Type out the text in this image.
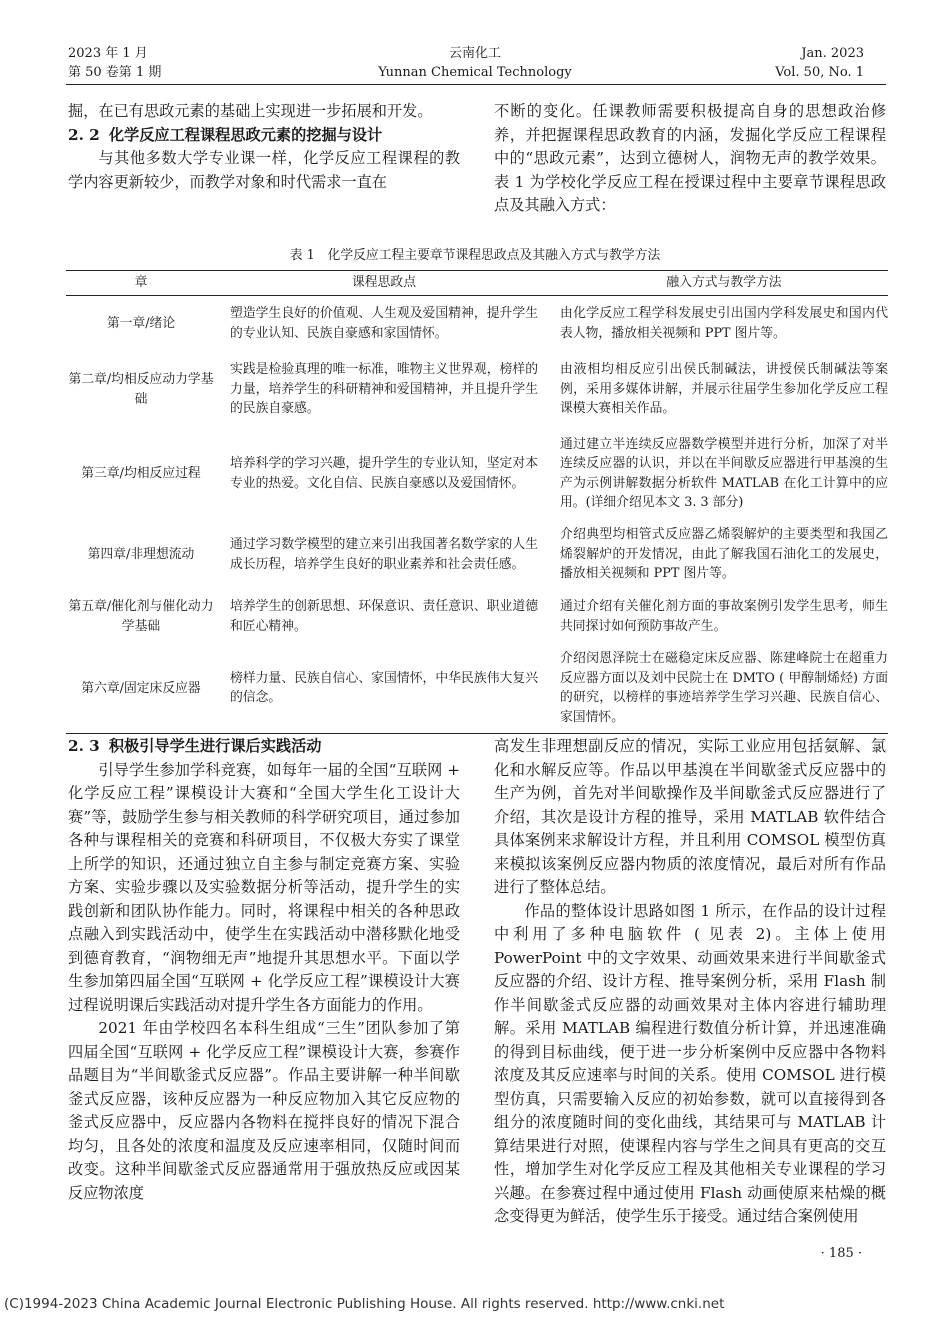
2023 年 1 月
第 50 卷第 1 期
云南化工
Yunnan Chemical Technology
Jan. 2023
Vol. 50, No. 1

掘，在已有思政元素的基础上实现进一步拓展和开发。

2. 2 化学反应工程课程思政元素的挖掘与设计

与其他多数大学专业课一样，化学反应工程课程的教学内容更新较少，而教学对象和时代需求一直在

不断的变化。任课教师需要积极提高自身的思想政治修养，并把握课程思政教育的内涵，发掘化学反应工程课程中的“思政元素”，达到立德树人，润物无声的教学效果。表 1 为学校化学反应工程在授课过程中主要章节课程思政点及其融入方式：

表 1　化学反应工程主要章节课程思政点及其融入方式与教学方法
章	课程思政点	融入方式与教学方法
第一章/绪论	塑造学生良好的价值观、人生观及爱国精神，提升学生的专业认知、民族自豪感和家国情怀。	由化学反应工程学科发展史引出国内学科发展史和国内代表人物，播放相关视频和 PPT 图片等。
第二章/均相反应动力学基础	实践是检验真理的唯一标准，唯物主义世界观，榜样的力量，培养学生的科研精神和爱国精神，并且提升学生的民族自豪感。	由液相均相反应引出侯氏制碱法，讲授侯氏制碱法等案例，采用多媒体讲解，并展示往届学生参加化学反应工程课模大赛相关作品。
第三章/均相反应过程	培养科学的学习兴趣，提升学生的专业认知，坚定对本专业的热爱。文化自信、民族自豪感以及爱国情怀。	通过建立半连续反应器数学模型并进行分析，加深了对半连续反应器的认识，并以在半间歇反应器进行甲基溴的生产为示例讲解数据分析软件 MATLAB 在化工计算中的应用。(详细介绍见本文 3. 3 部分)
第四章/非理想流动	通过学习数学模型的建立来引出我国著名数学家的人生成长历程，培养学生良好的职业素养和社会责任感。	介绍典型均相管式反应器乙烯裂解炉的主要类型和我国乙烯裂解炉的开发情况，由此了解我国石油化工的发展史，播放相关视频和 PPT 图片等。
第五章/催化剂与催化动力学基础	培养学生的创新思想、环保意识、责任意识、职业道德和匠心精神。	通过介绍有关催化剂方面的事故案例引发学生思考，师生共同探讨如何预防事故产生。
第六章/固定床反应器	榜样力量、民族自信心、家国情怀，中华民族伟大复兴的信念。	介绍闵恩泽院士在磁稳定床反应器、陈建峰院士在超重力反应器方面以及刘中民院士在 DMTO ( 甲醇制烯烃) 方面的研究，以榜样的事迹培养学生学习兴趣、民族自信心、家国情怀。

2. 3 积极引导学生进行课后实践活动

引导学生参加学科竞赛，如每年一届的全国“互联网 + 化学反应工程”课模设计大赛和“全国大学生化工设计大赛”等，鼓励学生参与相关教师的科学研究项目，通过参加各种与课程相关的竞赛和科研项目，不仅极大夯实了课堂上所学的知识，还通过独立自主参与制定竞赛方案、实验方案、实验步骤以及实验数据分析等活动，提升学生的实践创新和团队协作能力。同时，将课程中相关的各种思政点融入到实践活动中，使学生在实践活动中潜移默化地受到德育教育，“润物细无声”地提升其思想水平。下面以学生参加第四届全国“互联网 + 化学反应工程”课模设计大赛过程说明课后实践活动对提升学生各方面能力的作用。

2021 年由学校四名本科生组成“三生”团队参加了第四届全国“互联网 + 化学反应工程”课模设计大赛，参赛作品题目为“半间歇釜式反应器”。作品主要讲解一种半间歇釜式反应器，该种反应器为一种反应物加入其它反应物的釜式反应器中，反应器内各物料在搅拌良好的情况下混合均匀，且各处的浓度和温度及反应速率相同，仅随时间而改变。这种半间歇釜式反应器通常用于强放热反应或因某反应物浓度

高发生非理想副反应的情况，实际工业应用包括氨解、氯化和水解反应等。作品以甲基溴在半间歇釜式反应器中的生产为例，首先对半间歇操作及半间歇釜式反应器进行了介绍，其次是设计方程的推导，采用 MATLAB 软件结合具体案例来求解设计方程，并且利用 COMSOL 模型仿真来模拟该案例反应器内物质的浓度情况，最后对所有作品进行了整体总结。

作品的整体设计思路如图 1 所示，在作品的设计过程中利用了多种电脑软件 ( 见表 2)。主体上使用 PowerPoint 中的文字效果、动画效果来进行半间歇釜式反应器的介绍、设计方程、推导案例分析，采用 Flash 制作半间歇釜式反应器的动画效果对主体内容进行辅助理解。采用 MATLAB 编程进行数值分析计算，并迅速准确的得到目标曲线，便于进一步分析案例中反应器中各物料浓度及其反应速率与时间的关系。使用 COMSOL 进行模型仿真，只需要输入反应的初始参数，就可以直接得到各组分的浓度随时间的变化曲线，其结果可与 MATLAB 计算结果进行对照，使课程内容与学生之间具有更高的交互性，增加学生对化学反应工程及其他相关专业课程的学习兴趣。在参赛过程中通过使用 Flash 动画使原来枯燥的概念变得更为鲜活，使学生乐于接受。通过结合案例使用

· 185 ·
(C)1994-2023 China Academic Journal Electronic Publishing House. All rights reserved. http://www.cnki.net
